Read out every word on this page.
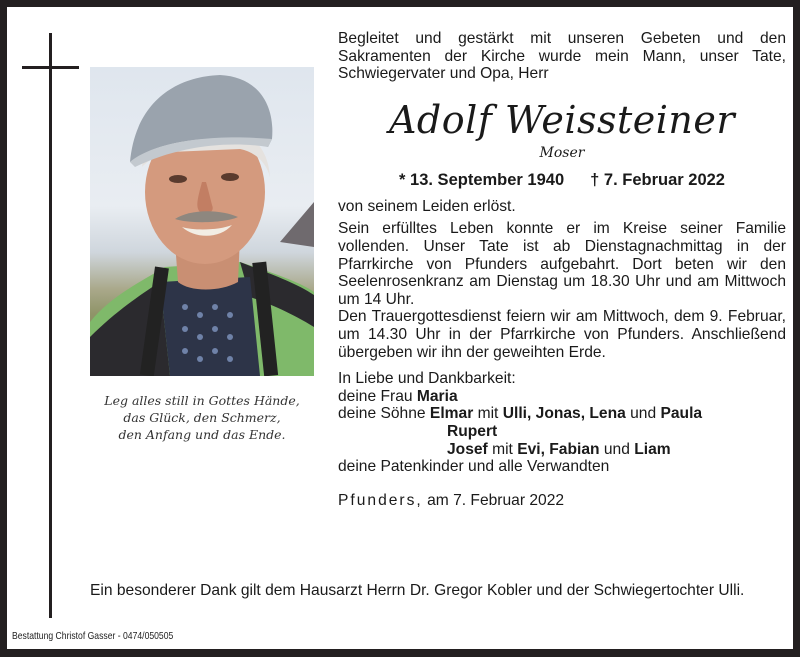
Leg alles still in Gottes Hände,
das Glück, den Schmerz,
den Anfang und das Ende.

Begleitet und gestärkt mit unseren Gebeten und den Sakramenten der Kirche wurde mein Mann, unser Tate, Schwiegervater und Opa, Herr

Adolf Weissteiner
Moser
* 13. September 1940 † 7. Februar 2022

von seinem Leiden erlöst.

Sein erfülltes Leben konnte er im Kreise seiner Familie vollenden. Unser Tate ist ab Dienstagnachmittag in der Pfarrkirche von Pfunders aufgebahrt. Dort beten wir den Seelenrosenkranz am Dienstag um 18.30 Uhr und am Mittwoch um 14 Uhr.

Den Trauergottesdienst feiern wir am Mittwoch, dem 9. Februar, um 14.30 Uhr in der Pfarrkirche von Pfunders. Anschließend übergeben wir ihn der geweihten Erde.

In Liebe und Dankbarkeit:
deine Frau Maria
deine Söhne Elmar mit Ulli, Jonas, Lena und Paula
Rupert
Josef mit Evi, Fabian und Liam
deine Patenkinder und alle Verwandten
Pfunders, am 7. Februar 2022
Ein besonderer Dank gilt dem Hausarzt Herrn Dr. Gregor Kobler und der Schwiegertochter Ulli.
Bestattung Christof Gasser - 0474/050505
